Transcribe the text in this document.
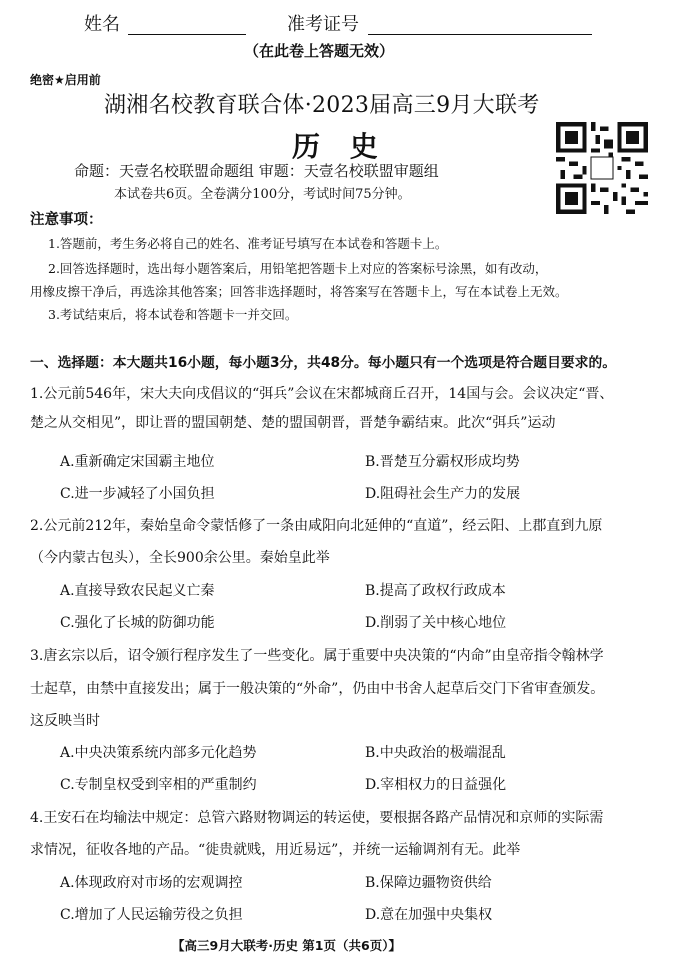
姓名	准考证号
（在此卷上答题无效）
绝密★启用前
湖湘名校教育联合体·2023届高三9月大联考
历 史
命题：天壹名校联盟命题组 审题：天壹名校联盟审题组
本试卷共6页。全卷满分100分，考试时间75分钟。
注意事项：
1.答题前，考生务必将自己的姓名、准考证号填写在本试卷和答题卡上。
2.回答选择题时，选出每小题答案后，用铅笔把答题卡上对应的答案标号涂黑，如有改动，
用橡皮擦干净后，再选涂其他答案；回答非选择题时，将答案写在答题卡上，写在本试卷上无效。
3.考试结束后，将本试卷和答题卡一并交回。
一、选择题：本大题共16小题，每小题3分，共48分。每小题只有一个选项是符合题目要求的。
1.公元前546年，宋大夫向戌倡议的“弭兵”会议在宋都城商丘召开，14国与会。会议决定“晋、
楚之从交相见”，即让晋的盟国朝楚、楚的盟国朝晋，晋楚争霸结束。此次“弭兵”运动
A.重新确定宋国霸主地位	B.晋楚互分霸权形成均势
C.进一步减轻了小国负担	D.阻碍社会生产力的发展
2.公元前212年，秦始皇命令蒙恬修了一条由咸阳向北延伸的“直道”，经云阳、上郡直到九原
（今内蒙古包头），全长900余公里。秦始皇此举
A.直接导致农民起义亡秦	B.提高了政权行政成本
C.强化了长城的防御功能	D.削弱了关中核心地位
3.唐玄宗以后，诏令颁行程序发生了一些变化。属于重要中央决策的“内命”由皇帝指令翰林学
士起草，由禁中直接发出；属于一般决策的“外命”，仍由中书舍人起草后交门下省审查颁发。
这反映当时
A.中央决策系统内部多元化趋势	B.中央政治的极端混乱
C.专制皇权受到宰相的严重制约	D.宰相权力的日益强化
4.王安石在均输法中规定：总管六路财物调运的转运使，要根据各路产品情况和京师的实际需
求情况，征收各地的产品。“徙贵就贱，用近易远”，并统一运输调剂有无。此举
A.体现政府对市场的宏观调控	B.保障边疆物资供给
C.增加了人民运输劳役之负担	D.意在加强中央集权
【高三9月大联考·历史 第1页（共6页）】
